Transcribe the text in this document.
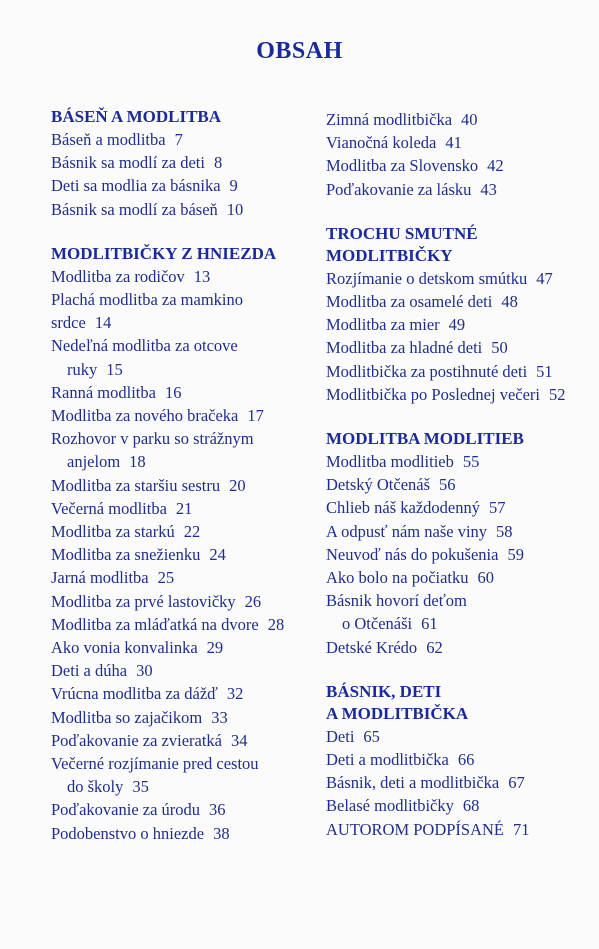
OBSAH
BÁSEŇ A MODLITBA
Báseň a modlitba 7
Básnik sa modlí za deti 8
Deti sa modlia za básnika 9
Básnik sa modlí za báseň 10
MODLITBIČKY Z HNIEZDA
Modlitba za rodičov 13
Plachá modlitba za mamkino
srdce 14
Nedeľná modlitba za otcove
ruky 15
Ranná modlitba 16
Modlitba za nového bračeka 17
Rozhovor v parku so strážnym
anjelom 18
Modlitba za staršiu sestru 20
Večerná modlitba 21
Modlitba za starkú 22
Modlitba za snežienku 24
Jarná modlitba 25
Modlitba za prvé lastovičky 26
Modlitba za mláďatká na dvore 28
Ako vonia konvalinka 29
Deti a dúha 30
Vrúcna modlitba za dážď 32
Modlitba so zajačikom 33
Poďakovanie za zvieratká 34
Večerné rozjímanie pred cestou
do školy 35
Poďakovanie za úrodu 36
Podobenstvo o hniezde 38
Zimná modlitbička 40
Vianočná koleda 41
Modlitba za Slovensko 42
Poďakovanie za lásku 43
TROCHU SMUTNÉ
MODLITBIČKY
Rozjímanie o detskom smútku 47
Modlitba za osamelé deti 48
Modlitba za mier 49
Modlitba za hladné deti 50
Modlitbička za postihnuté deti 51
Modlitbička po Poslednej večeri 52
MODLITBA MODLITIEB
Modlitba modlitieb 55
Detský Otčenáš 56
Chlieb náš každodenný 57
A odpusť nám naše viny 58
Neuvoď nás do pokušenia 59
Ako bolo na počiatku 60
Básnik hovorí deťom
o Otčenáši 61
Detské Krédo 62
BÁSNIK, DETI
A MODLITBIČKA
Deti 65
Deti a modlitbička 66
Básnik, deti a modlitbička 67
Belasé modlitbičky 68
AUTOROM PODPÍSANÉ 71
